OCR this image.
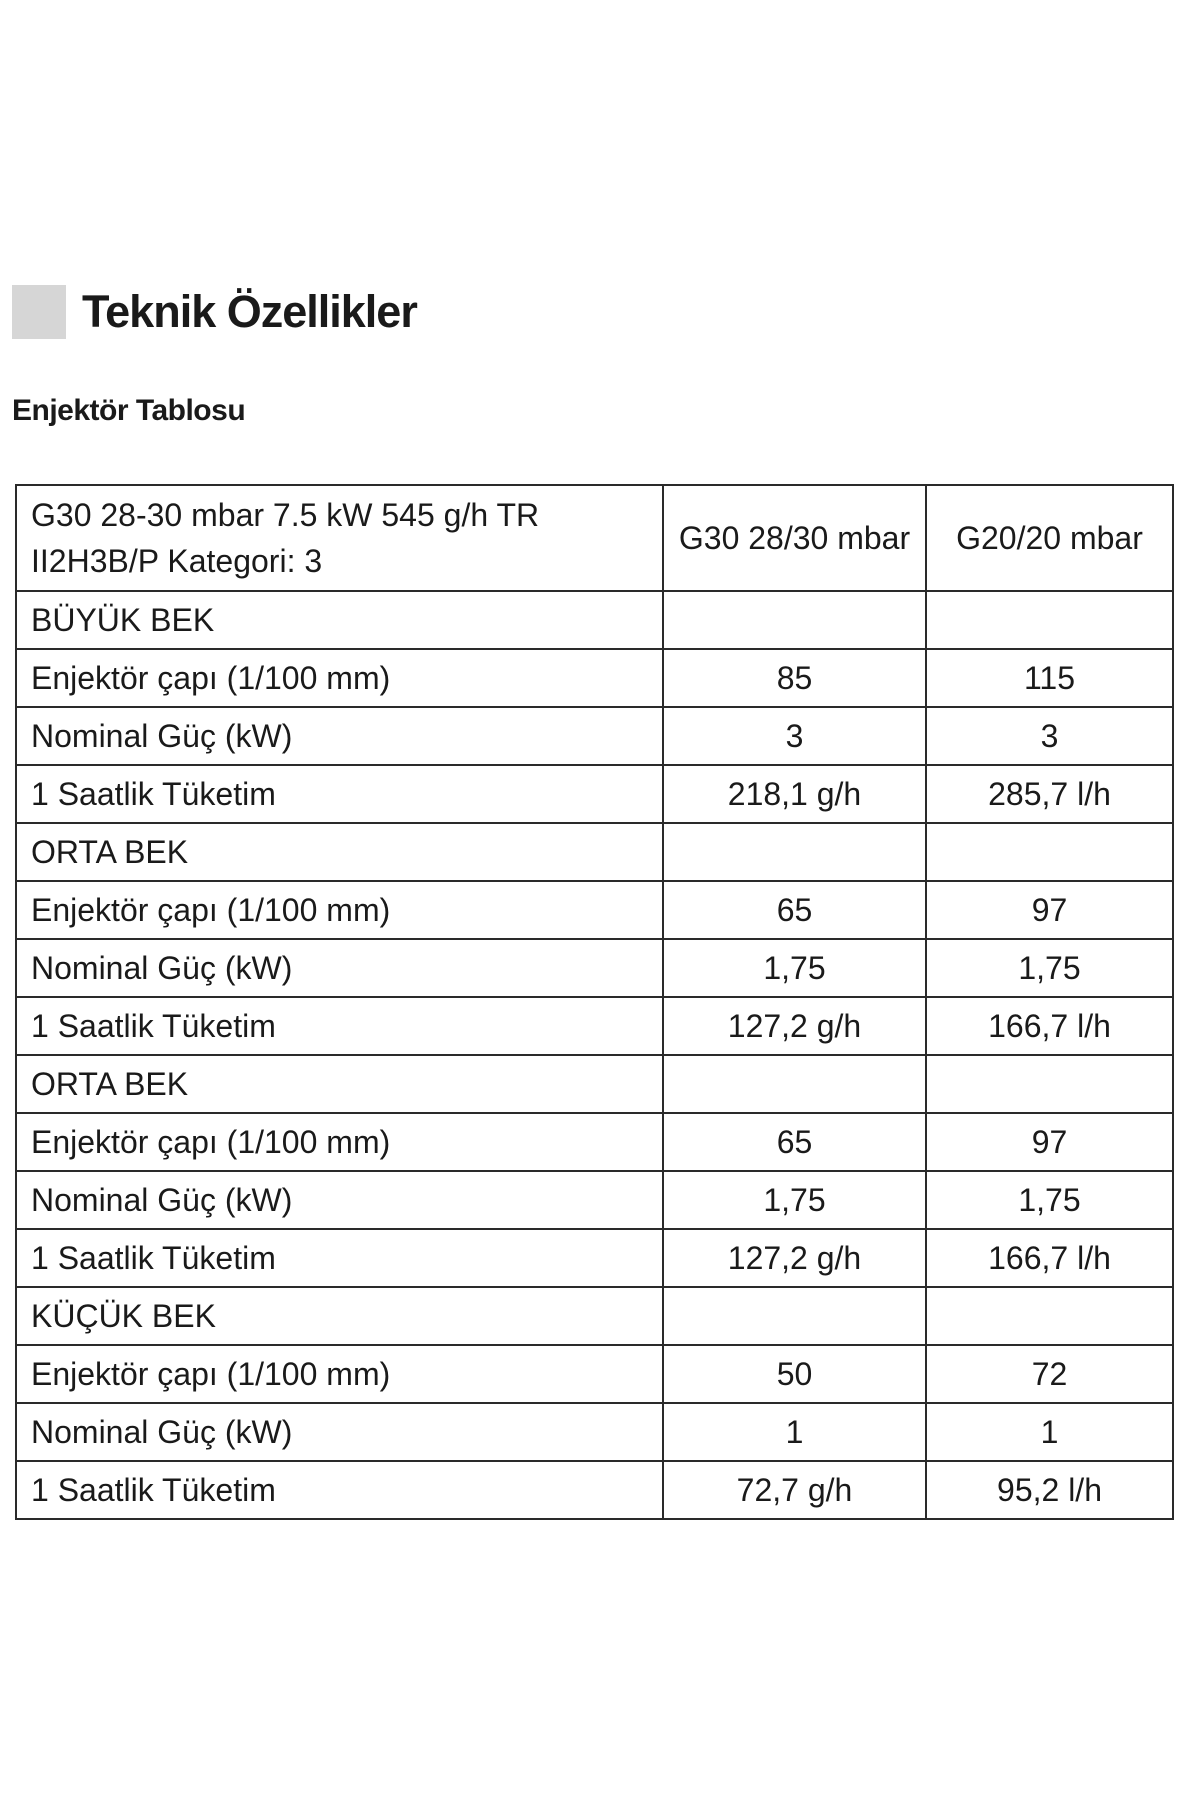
Teknik Özellikler
Enjektör Tablosu
G30 28-30 mbar 7.5 kW 545 g/h TR II2H3B/P Kategori: 3	G30 28/30 mbar	G20/20 mbar
BÜYÜK BEK		
Enjektör çapı (1/100 mm)	85	115
Nominal Güç (kW)	3	3
1 Saatlik Tüketim	218,1 g/h	285,7 l/h
ORTA BEK		
Enjektör çapı (1/100 mm)	65	97
Nominal Güç (kW)	1,75	1,75
1 Saatlik Tüketim	127,2 g/h	166,7 l/h
ORTA BEK		
Enjektör çapı (1/100 mm)	65	97
Nominal Güç (kW)	1,75	1,75
1 Saatlik Tüketim	127,2 g/h	166,7 l/h
KÜÇÜK BEK		
Enjektör çapı (1/100 mm)	50	72
Nominal Güç (kW)	1	1
1 Saatlik Tüketim	72,7 g/h	95,2 l/h
